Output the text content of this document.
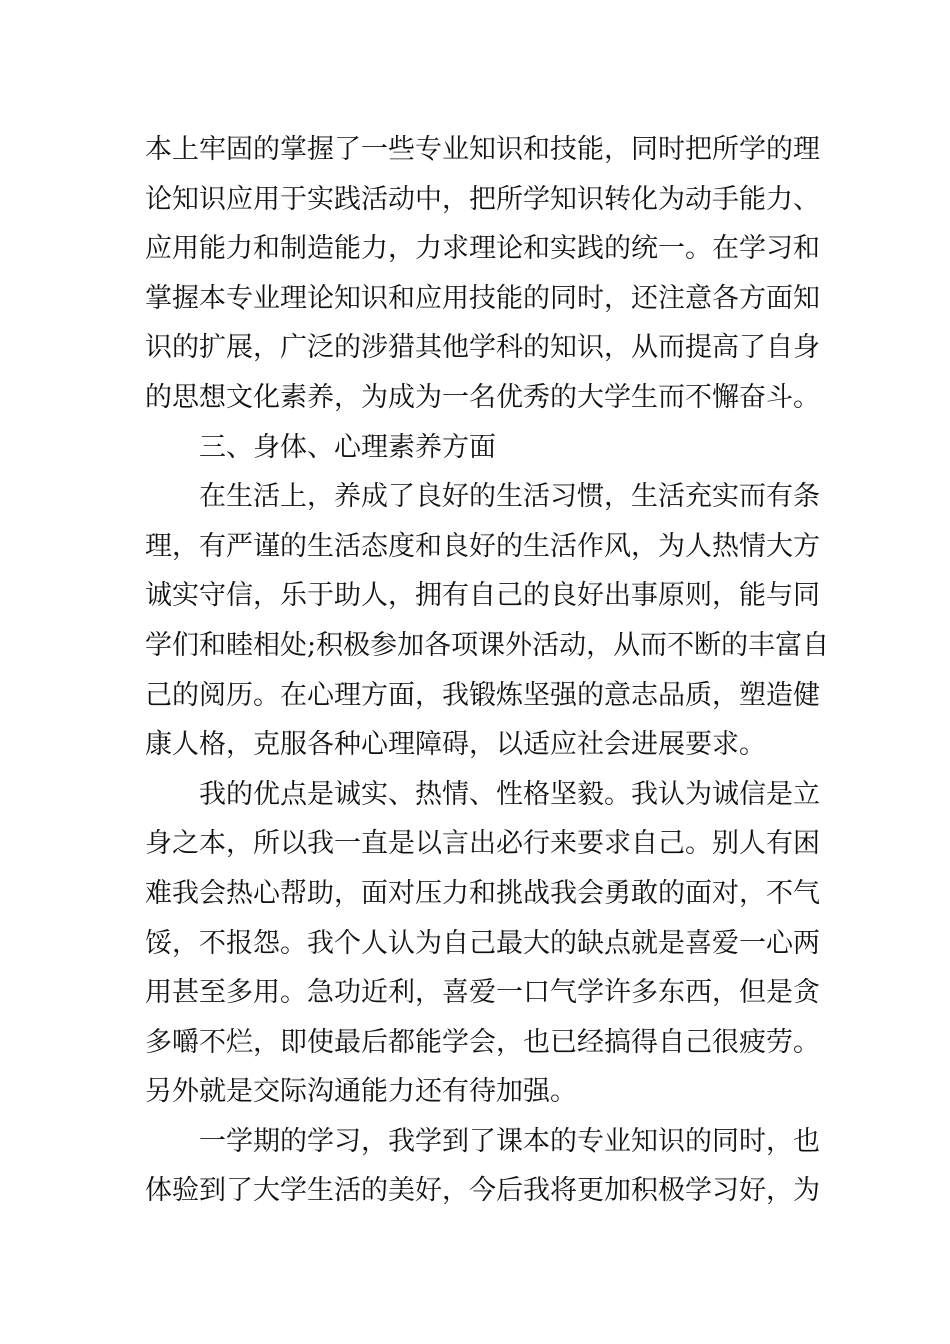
本上牢固的掌握了一些专业知识和技能，同时把所学的理
论知识应用于实践活动中，把所学知识转化为动手能力、
应用能力和制造能力，力求理论和实践的统一。在学习和
掌握本专业理论知识和应用技能的同时，还注意各方面知
识的扩展，广泛的涉猎其他学科的知识，从而提高了自身
的思想文化素养，为成为一名优秀的大学生而不懈奋斗。
三、身体、心理素养方面
在生活上，养成了良好的生活习惯，生活充实而有条
理，有严谨的生活态度和良好的生活作风，为人热情大方
诚实守信，乐于助人，拥有自己的良好出事原则，能与同
学们和睦相处;积极参加各项课外活动，从而不断的丰富自
己的阅历。在心理方面，我锻炼坚强的意志品质，塑造健
康人格，克服各种心理障碍，以适应社会进展要求。
我的优点是诚实、热情、性格坚毅。我认为诚信是立
身之本，所以我一直是以言出必行来要求自己。别人有困
难我会热心帮助，面对压力和挑战我会勇敢的面对，不气
馁，不报怨。我个人认为自己最大的缺点就是喜爱一心两
用甚至多用。急功近利，喜爱一口气学许多东西，但是贪
多嚼不烂，即使最后都能学会，也已经搞得自己很疲劳。
另外就是交际沟通能力还有待加强。
一学期的学习，我学到了课本的专业知识的同时，也
体验到了大学生活的美好，今后我将更加积极学习好，为
